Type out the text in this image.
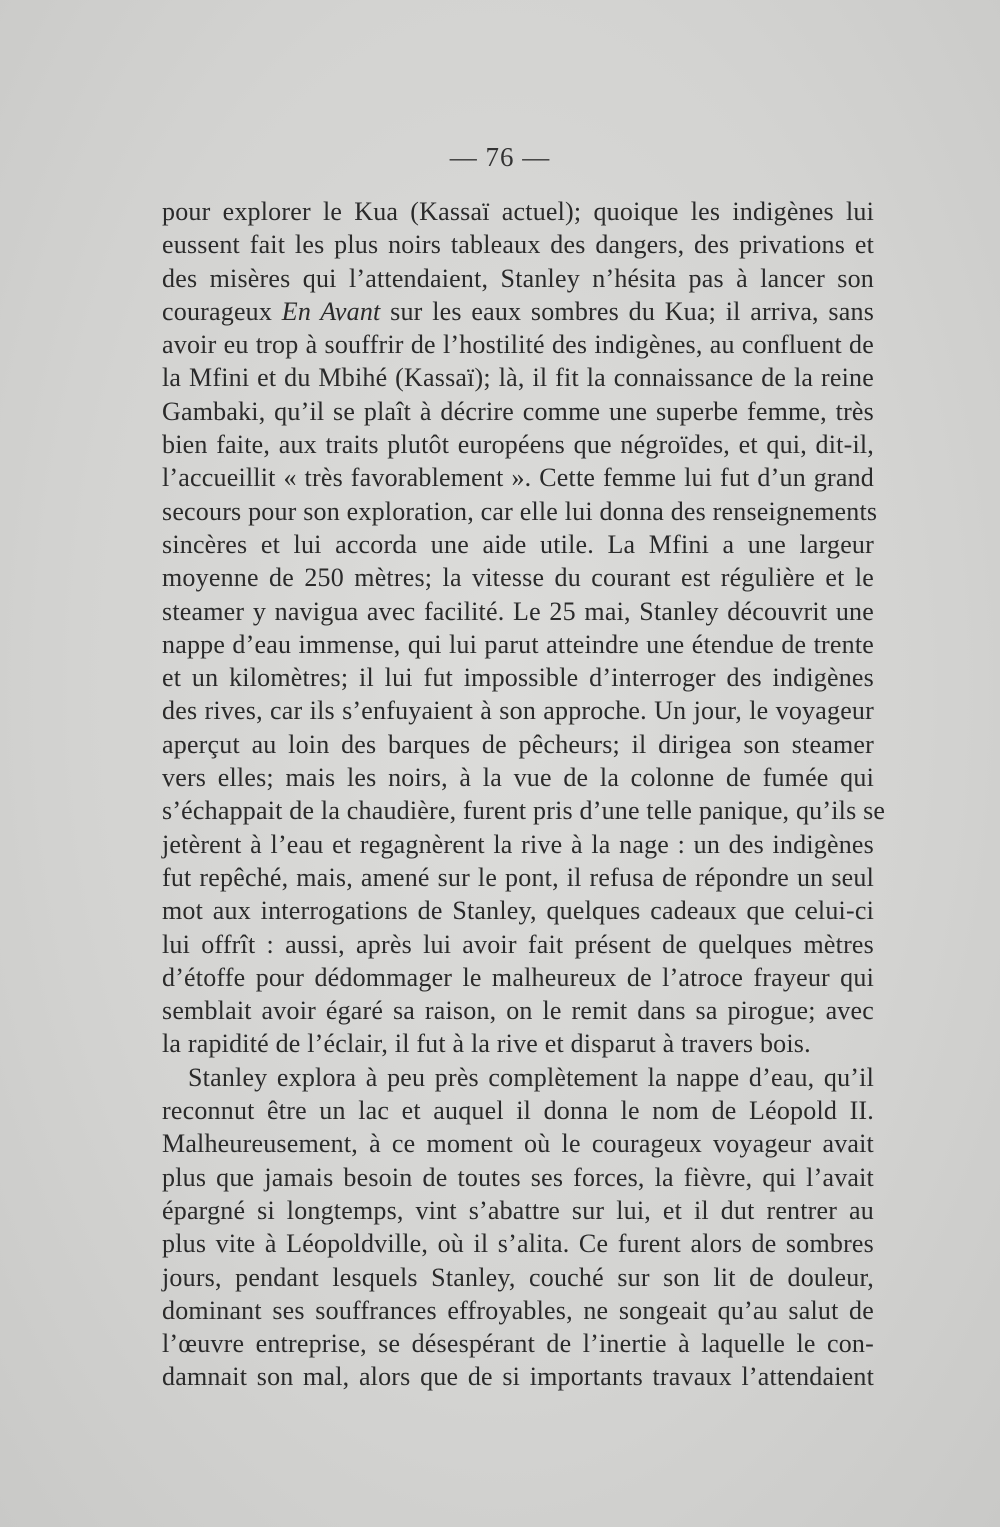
— 76 —
pour explorer le Kua (Kassaï actuel); quoique les indigènes lui
eussent fait les plus noirs tableaux des dangers, des privations et
des misères qui l’attendaient, Stanley n’hésita pas à lancer son
courageux En Avant sur les eaux sombres du Kua; il arriva, sans
avoir eu trop à souffrir de l’hostilité des indigènes, au confluent de
la Mfini et du Mbihé (Kassaï); là, il fit la connaissance de la reine
Gambaki, qu’il se plaît à décrire comme une superbe femme, très
bien faite, aux traits plutôt européens que négroïdes, et qui, dit-il,
l’accueillit « très favorablement ». Cette femme lui fut d’un grand
secours pour son exploration, car elle lui donna des renseignements
sincères et lui accorda une aide utile. La Mfini a une largeur
moyenne de 250 mètres; la vitesse du courant est régulière et le
steamer y navigua avec facilité. Le 25 mai, Stanley découvrit une
nappe d’eau immense, qui lui parut atteindre une étendue de trente
et un kilomètres; il lui fut impossible d’interroger des indigènes
des rives, car ils s’enfuyaient à son approche. Un jour, le voyageur
aperçut au loin des barques de pêcheurs; il dirigea son steamer
vers elles; mais les noirs, à la vue de la colonne de fumée qui
s’échappait de la chaudière, furent pris d’une telle panique, qu’ils se
jetèrent à l’eau et regagnèrent la rive à la nage : un des indigènes
fut repêché, mais, amené sur le pont, il refusa de répondre un seul
mot aux interrogations de Stanley, quelques cadeaux que celui-ci
lui offrît : aussi, après lui avoir fait présent de quelques mètres
d’étoffe pour dédommager le malheureux de l’atroce frayeur qui
semblait avoir égaré sa raison, on le remit dans sa pirogue; avec
la rapidité de l’éclair, il fut à la rive et disparut à travers bois.
Stanley explora à peu près complètement la nappe d’eau, qu’il
reconnut être un lac et auquel il donna le nom de Léopold II.
Malheureusement, à ce moment où le courageux voyageur avait
plus que jamais besoin de toutes ses forces, la fièvre, qui l’avait
épargné si longtemps, vint s’abattre sur lui, et il dut rentrer au
plus vite à Léopoldville, où il s’alita. Ce furent alors de sombres
jours, pendant lesquels Stanley, couché sur son lit de douleur,
dominant ses souffrances effroyables, ne songeait qu’au salut de
l’œuvre entreprise, se désespérant de l’inertie à laquelle le con-
damnait son mal, alors que de si importants travaux l’attendaient
